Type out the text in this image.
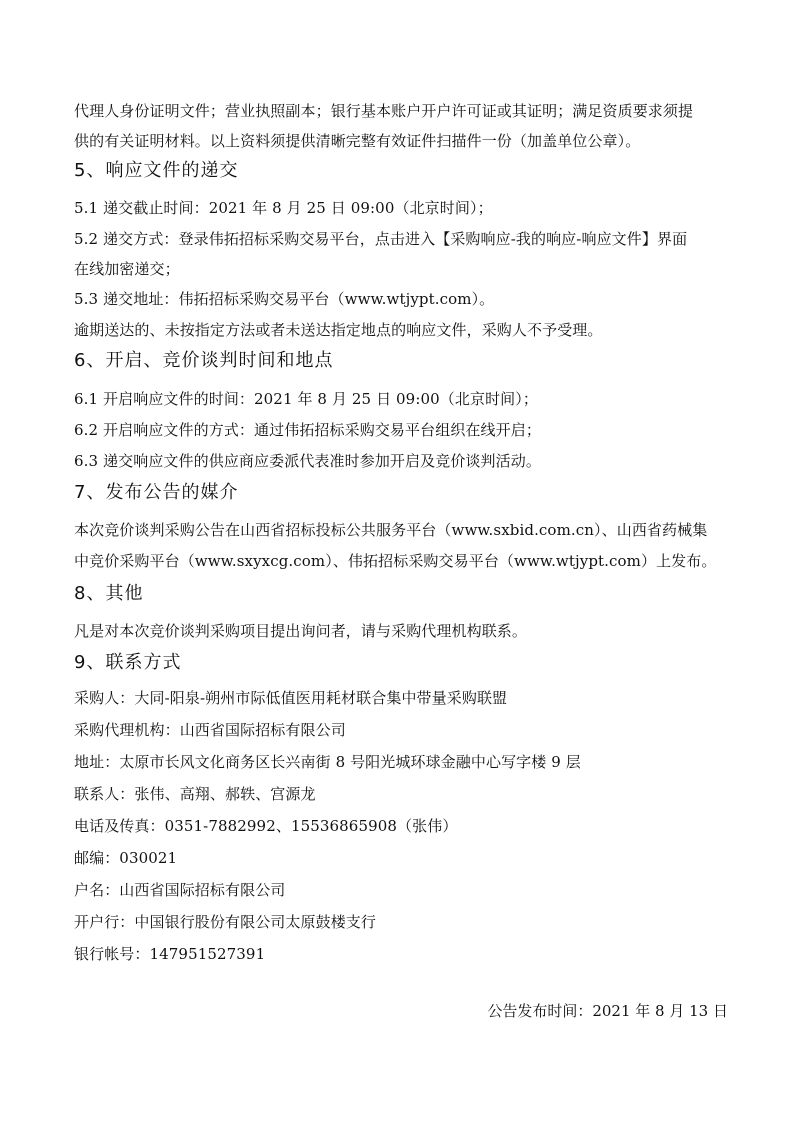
代理人身份证明文件；营业执照副本；银行基本账户开户许可证或其证明；满足资质要求须提
供的有关证明材料。以上资料须提供清晰完整有效证件扫描件一份（加盖单位公章）。
5、响应文件的递交
5.1 递交截止时间：2021 年 8 月 25 日 09:00（北京时间）；
5.2 递交方式：登录伟拓招标采购交易平台，点击进入【采购响应-我的响应-响应文件】界面
在线加密递交；
5.3 递交地址：伟拓招标采购交易平台（www.wtjypt.com）。
逾期送达的、未按指定方法或者未送达指定地点的响应文件，采购人不予受理。
6、开启、竞价谈判时间和地点
6.1 开启响应文件的时间：2021 年 8 月 25 日 09:00（北京时间）；
6.2 开启响应文件的方式：通过伟拓招标采购交易平台组织在线开启；
6.3 递交响应文件的供应商应委派代表准时参加开启及竞价谈判活动。
7、发布公告的媒介
本次竞价谈判采购公告在山西省招标投标公共服务平台（www.sxbid.com.cn）、山西省药械集
中竞价采购平台（www.sxyxcg.com）、伟拓招标采购交易平台（www.wtjypt.com）上发布。
8、其他
凡是对本次竞价谈判采购项目提出询问者，请与采购代理机构联系。
9、联系方式
采购人：大同-阳泉-朔州市际低值医用耗材联合集中带量采购联盟
采购代理机构：山西省国际招标有限公司
地址：太原市长风文化商务区长兴南街 8 号阳光城环球金融中心写字楼 9 层
联系人：张伟、高翔、郝轶、宫源龙
电话及传真：0351-7882992、15536865908（张伟）
邮编：030021
户名：山西省国际招标有限公司
开户行：中国银行股份有限公司太原鼓楼支行
银行帐号：147951527391
公告发布时间：2021 年 8 月 13 日
